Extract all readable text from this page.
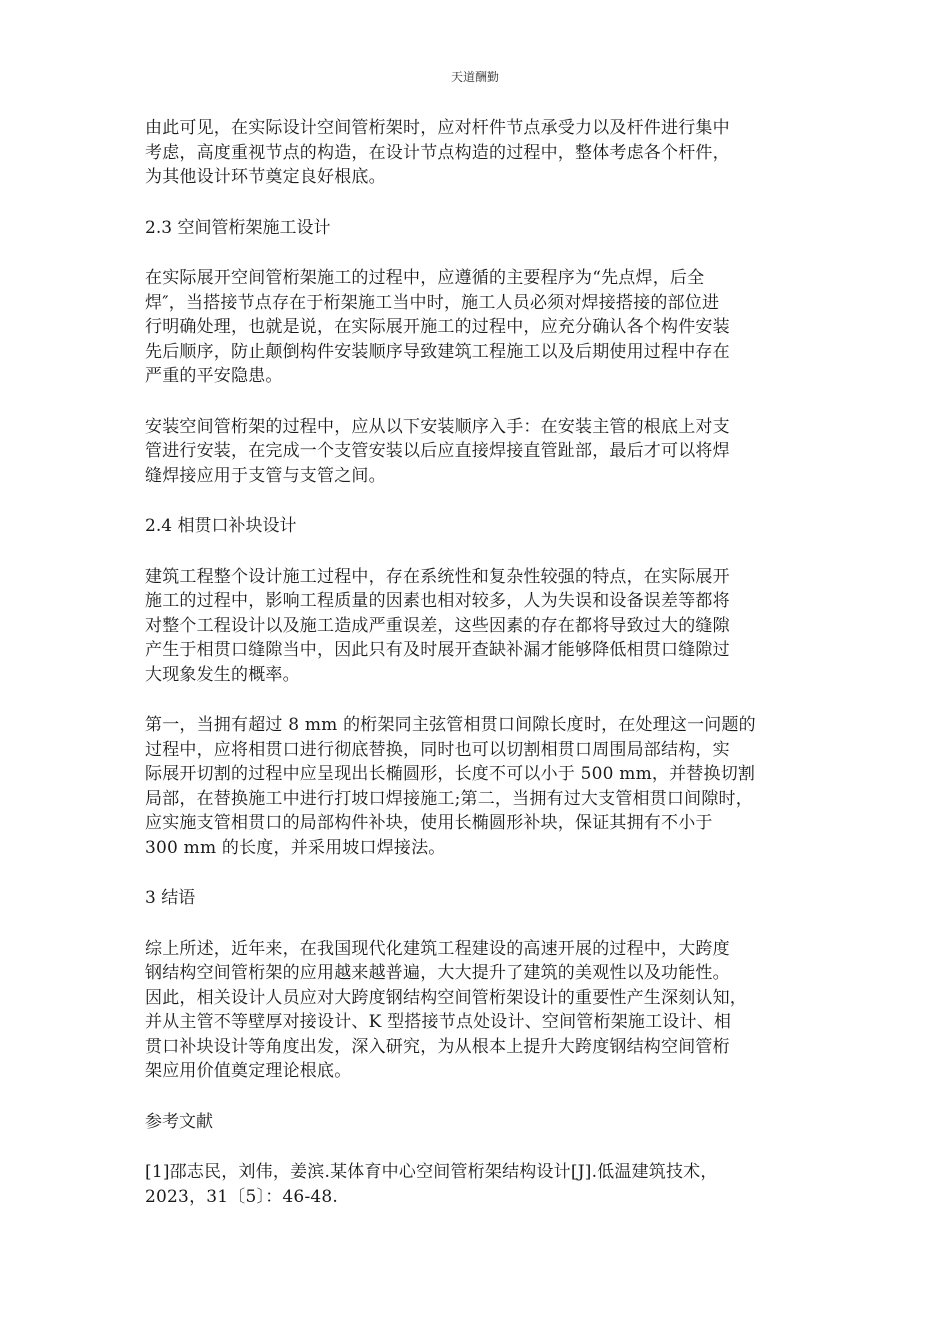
天道酬勤

由此可见，在实际设计空间管桁架时，应对杆件节点承受力以及杆件进行集中
考虑，高度重视节点的构造，在设计节点构造的过程中，整体考虑各个杆件，
为其他设计环节奠定良好根底。

2.3 空间管桁架施工设计

在实际展开空间管桁架施工的过程中，应遵循的主要程序为“先点焊，后全
焊″，当搭接节点存在于桁架施工当中时，施工人员必须对焊接搭接的部位进
行明确处理，也就是说，在实际展开施工的过程中，应充分确认各个构件安装
先后顺序，防止颠倒构件安装顺序导致建筑工程施工以及后期使用过程中存在
严重的平安隐患。

安装空间管桁架的过程中，应从以下安装顺序入手：在安装主管的根底上对支
管进行安装，在完成一个支管安装以后应直接焊接直管趾部，最后才可以将焊
缝焊接应用于支管与支管之间。

2.4 相贯口补块设计

建筑工程整个设计施工过程中，存在系统性和复杂性较强的特点，在实际展开
施工的过程中，影响工程质量的因素也相对较多，人为失误和设备误差等都将
对整个工程设计以及施工造成严重误差，这些因素的存在都将导致过大的缝隙
产生于相贯口缝隙当中，因此只有及时展开查缺补漏才能够降低相贯口缝隙过
大现象发生的概率。

第一，当拥有超过 8 mm 的桁架同主弦管相贯口间隙长度时，在处理这一问题的
过程中，应将相贯口进行彻底替换，同时也可以切割相贯口周围局部结构，实
际展开切割的过程中应呈现出长椭圆形，长度不可以小于 500 mm，并替换切割
局部，在替换施工中进行打坡口焊接施工;第二，当拥有过大支管相贯口间隙时，
应实施支管相贯口的局部构件补块，使用长椭圆形补块，保证其拥有不小于
300 mm 的长度，并采用坡口焊接法。

3 结语

综上所述，近年来，在我国现代化建筑工程建设的高速开展的过程中，大跨度
钢结构空间管桁架的应用越来越普遍，大大提升了建筑的美观性以及功能性。
因此，相关设计人员应对大跨度钢结构空间管桁架设计的重要性产生深刻认知，
并从主管不等壁厚对接设计、K 型搭接节点处设计、空间管桁架施工设计、相
贯口补块设计等角度出发，深入研究，为从根本上提升大跨度钢结构空间管桁
架应用价值奠定理论根底。

参考文献

[1]邵志民，刘伟，姜滨.某体育中心空间管桁架结构设计[J].低温建筑技术，
2023，31〔5〕：46-48.
